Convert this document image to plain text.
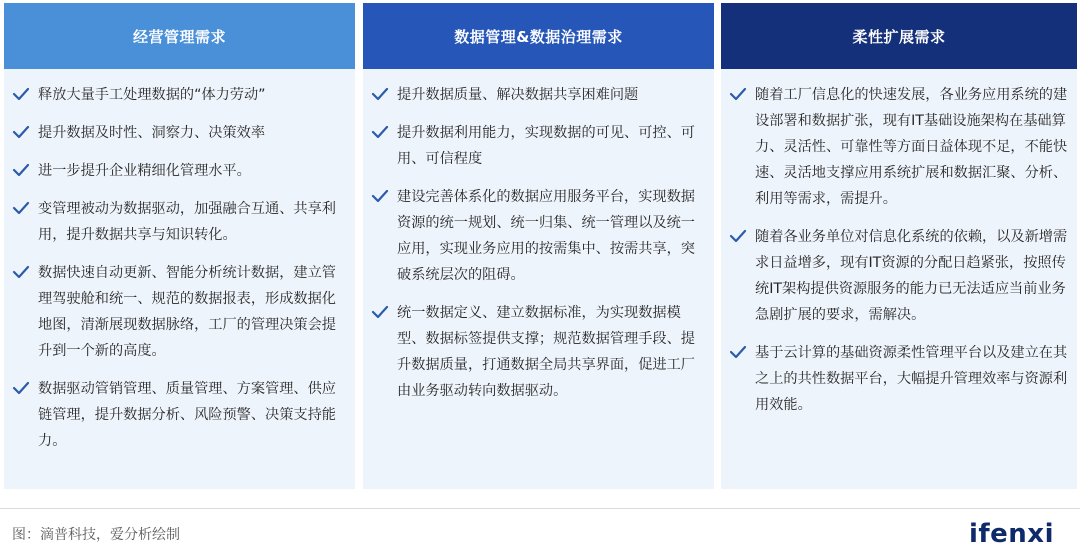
经营管理需求
释放大量手工处理数据的“体力劳动”
提升数据及时性、洞察力、决策效率
进一步提升企业精细化管理水平。
变管理被动为数据驱动，加强融合互通、共享利用，提升数据共享与知识转化。
数据快速自动更新、智能分析统计数据，建立管理驾驶舱和统一、规范的数据报表，形成数据化地图，清渐展现数据脉络，工厂的管理决策会提升到一个新的高度。
数据驱动管销管理、质量管理、方案管理、供应链管理，提升数据分析、风险预警、决策支持能力。
数据管理&数据治理需求
提升数据质量、解决数据共享困难问题
提升数据利用能力，实现数据的可见、可控、可用、可信程度
建设完善体系化的数据应用服务平台，实现数据资源的统一规划、统一归集、统一管理以及统一应用，实现业务应用的按需集中、按需共享，突破系统层次的阻碍。
统一数据定义、建立数据标准，为实现数据模型、数据标签提供支撑；规范数据管理手段、提升数据质量，打通数据全局共享界面，促进工厂由业务驱动转向数据驱动。
柔性扩展需求
随着工厂信息化的快速发展，各业务应用系统的建设部署和数据扩张，现有IT基础设施架构在基础算力、灵活性、可靠性等方面日益体现不足，不能快速、灵活地支撑应用系统扩展和数据汇聚、分析、利用等需求，需提升。
随着各业务单位对信息化系统的依赖，以及新增需求日益增多，现有IT资源的分配日趋紧张，按照传统IT架构提供资源服务的能力已无法适应当前业务急剧扩展的要求，需解决。
基于云计算的基础资源柔性管理平台以及建立在其之上的共性数据平台，大幅提升管理效率与资源利用效能。
图：滴普科技，爱分析绘制	ifenxi
